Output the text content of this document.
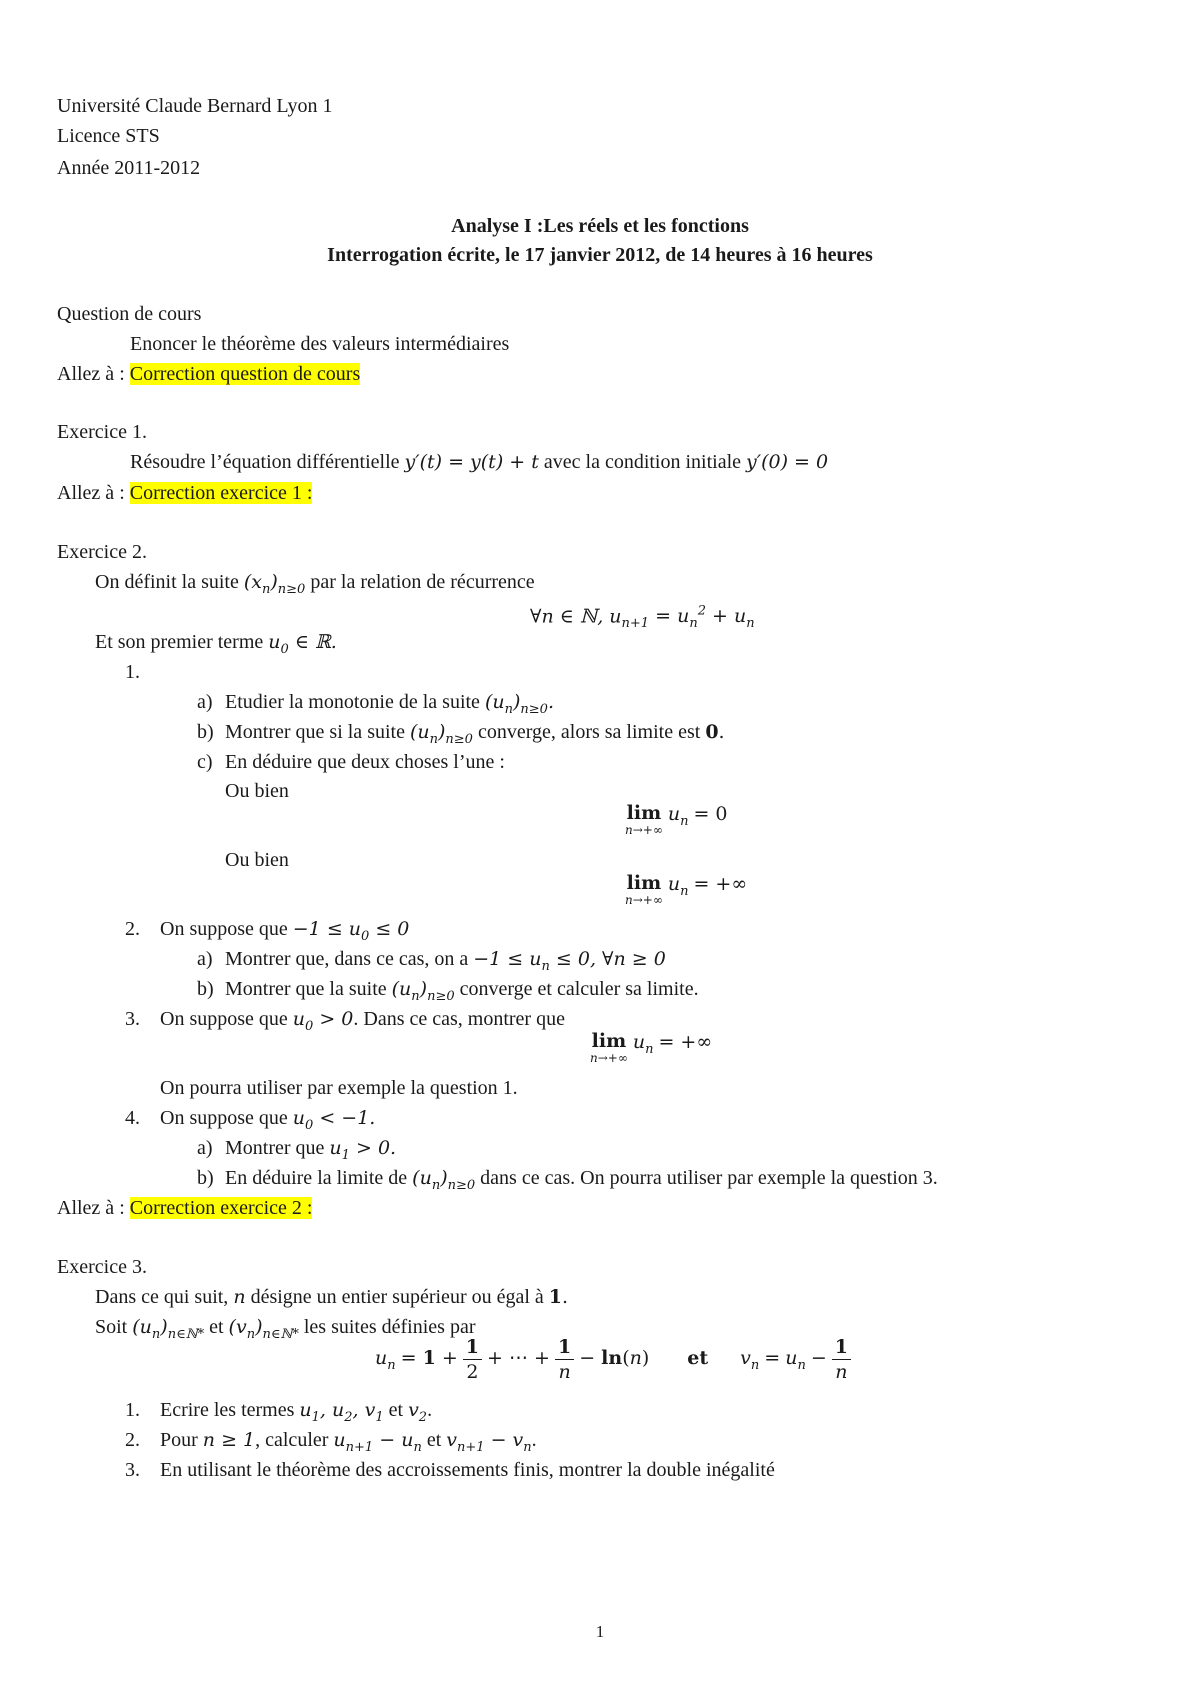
Université Claude Bernard Lyon 1
Licence STS
Année 2011-2012
Analyse I :Les réels et les fonctions
Interrogation écrite, le 17 janvier 2012, de 14 heures à 16 heures
Question de cours
Enoncer le théorème des valeurs intermédiaires
Allez à : Correction question de cours
Exercice 1.
Résoudre l’équation différentielle y′(t) = y(t) + t avec la condition initiale y′(0) = 0
Allez à : Correction exercice 1 :
Exercice 2.
On définit la suite $(x_n)_{n\ge 0}$ par la relation de récurrence
∀n ∈ ℕ, $u_{n+1} = u_n^2 + u_n$
Et son premier terme $u_0$ ∈ ℝ.
1.
a) Etudier la monotonie de la suite $(u_n)_{n\ge 0}$.
b) Montrer que si la suite $(u_n)_{n\ge 0}$ converge, alors sa limite est 0.
c) En déduire que deux choses l’une :
Ou bien
lim
n→+∞
$u_n = 0$
Ou bien
lim
n→+∞
$u_n$ = +∞
2. On suppose que $-1 \le u_0 \le 0$
a) Montrer que, dans ce cas, on $a -1 \le u_n \le 0$, ∀n ≥ 0
b) Montrer que la suite $(u_n)_{n\ge 0}$ converge et calculer sa limite.
3. On suppose que $u_0 > 0$. Dans ce cas, montrer que
lim
n→+∞
$u_n$ = +∞
On pourra utiliser par exemple la question 1.
4. On suppose que $u_0 < -1$.
a) Montrer que $u_1 > 0$.
b) En déduire la limite de $(u_n)_{n\ge 0}$ dans ce cas. On pourra utiliser par exemple la question 3.
Allez à : Correction exercice 2 :
Exercice 3.
Dans ce qui suit, n désigne un entier supérieur ou égal à 1.
Soit $(u_n)_{n\in ℕ*}$ et $(v_n)_{n\in ℕ*}$ les suites définies par
$u_n = 1 + \frac{1}{2}$ + ⋯ + $\frac{1}{n} - \ln(n)$ et $v_n = u_n - \frac{1}{n}$
1. Ecrire les termes $u_1$, $u_2$, $v_1$ et $v_2$.
2. Pour n ≥ 1, calculer $u_{n+1} - u_n$ et $v_{n+1} - v_n$.
3. En utilisant le théorème des accroissements finis, montrer la double inégalité
1
